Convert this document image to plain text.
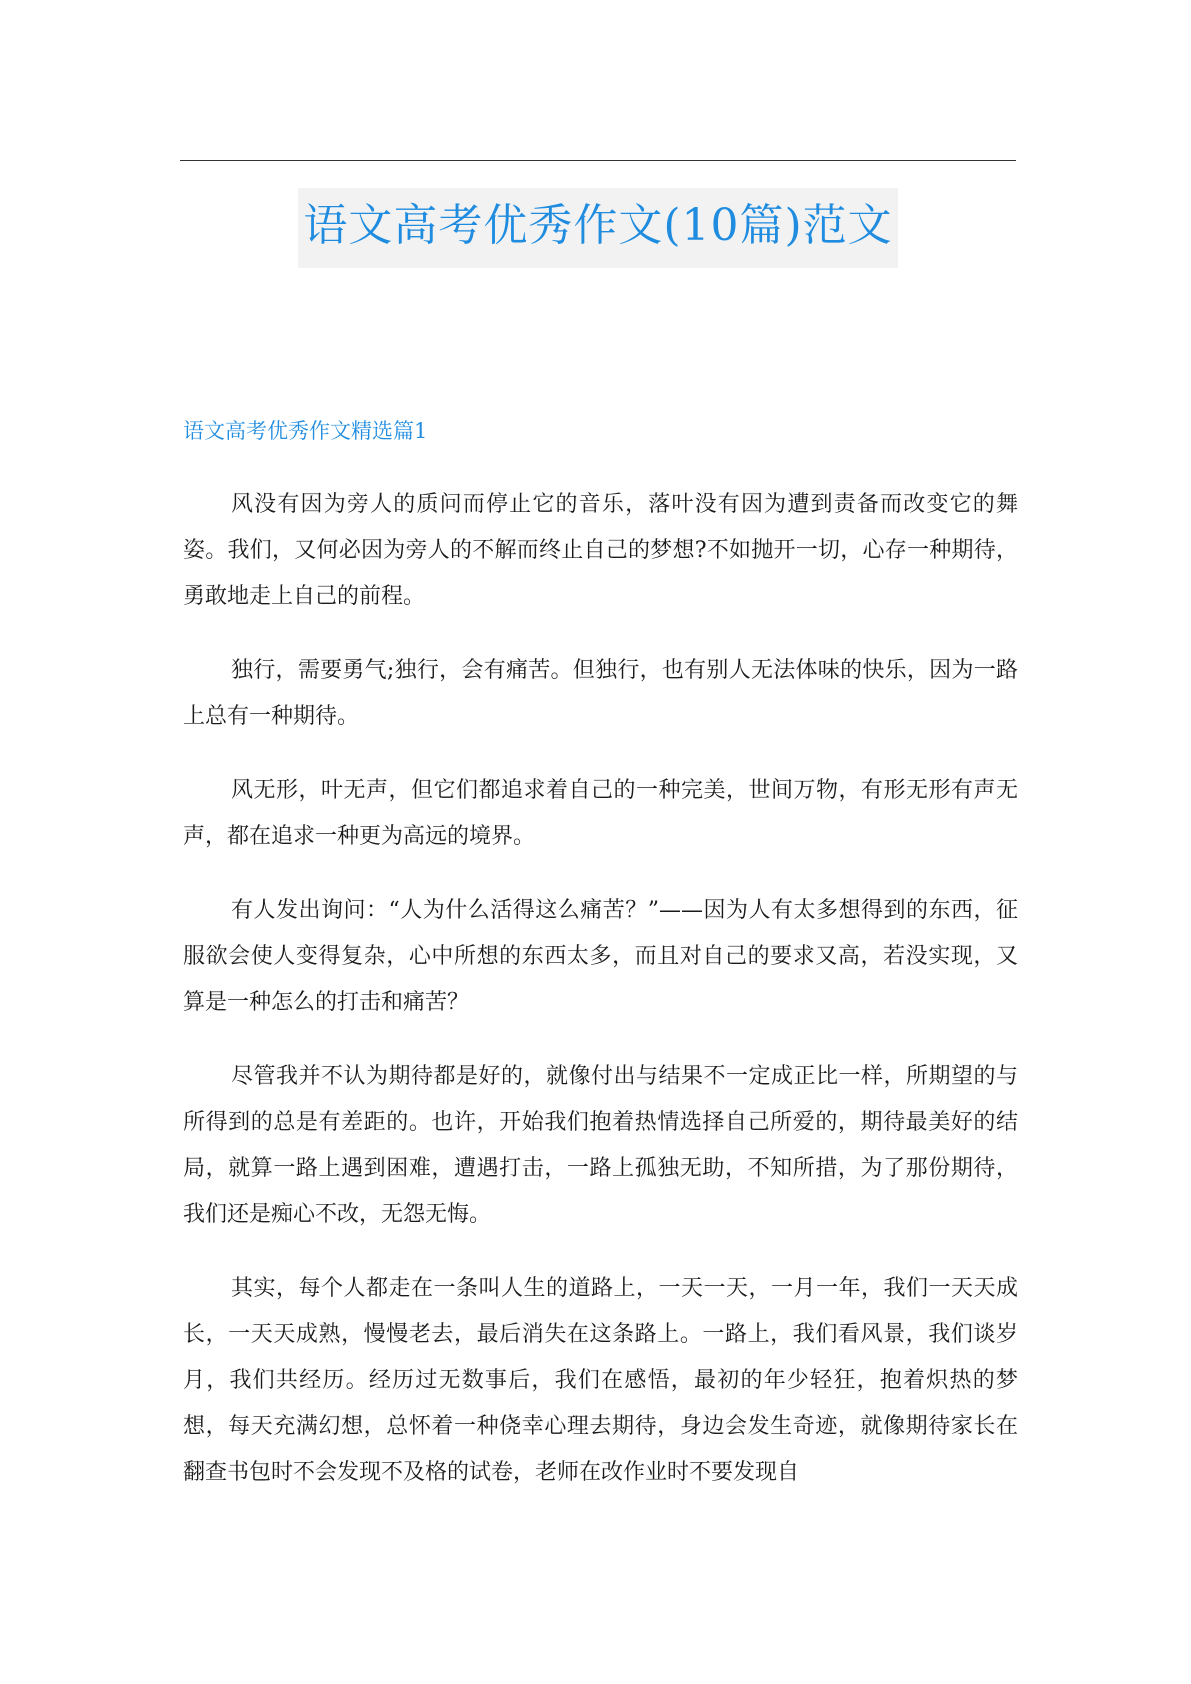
语文高考优秀作文(10篇)范文
语文高考优秀作文精选篇1

风没有因为旁人的质问而停止它的音乐，落叶没有因为遭到责备而改变它的舞姿。我们，又何必因为旁人的不解而终止自己的梦想?不如抛开一切，心存一种期待，勇敢地走上自己的前程。

独行，需要勇气;独行，会有痛苦。但独行，也有别人无法体味的快乐，因为一路上总有一种期待。

风无形，叶无声，但它们都追求着自己的一种完美，世间万物，有形无形有声无声，都在追求一种更为高远的境界。

有人发出询问：“人为什么活得这么痛苦？”——因为人有太多想得到的东西，征服欲会使人变得复杂，心中所想的东西太多，而且对自己的要求又高，若没实现，又算是一种怎么的打击和痛苦？

尽管我并不认为期待都是好的，就像付出与结果不一定成正比一样，所期望的与所得到的总是有差距的。也许，开始我们抱着热情选择自己所爱的，期待最美好的结局，就算一路上遇到困难，遭遇打击，一路上孤独无助，不知所措，为了那份期待，我们还是痴心不改，无怨无悔。

其实，每个人都走在一条叫人生的道路上，一天一天，一月一年，我们一天天成长，一天天成熟，慢慢老去，最后消失在这条路上。一路上，我们看风景，我们谈岁月，我们共经历。经历过无数事后，我们在感悟，最初的年少轻狂，抱着炽热的梦想，每天充满幻想，总怀着一种侥幸心理去期待，身边会发生奇迹，就像期待家长在翻查书包时不会发现不及格的试卷，老师在改作业时不要发现自
